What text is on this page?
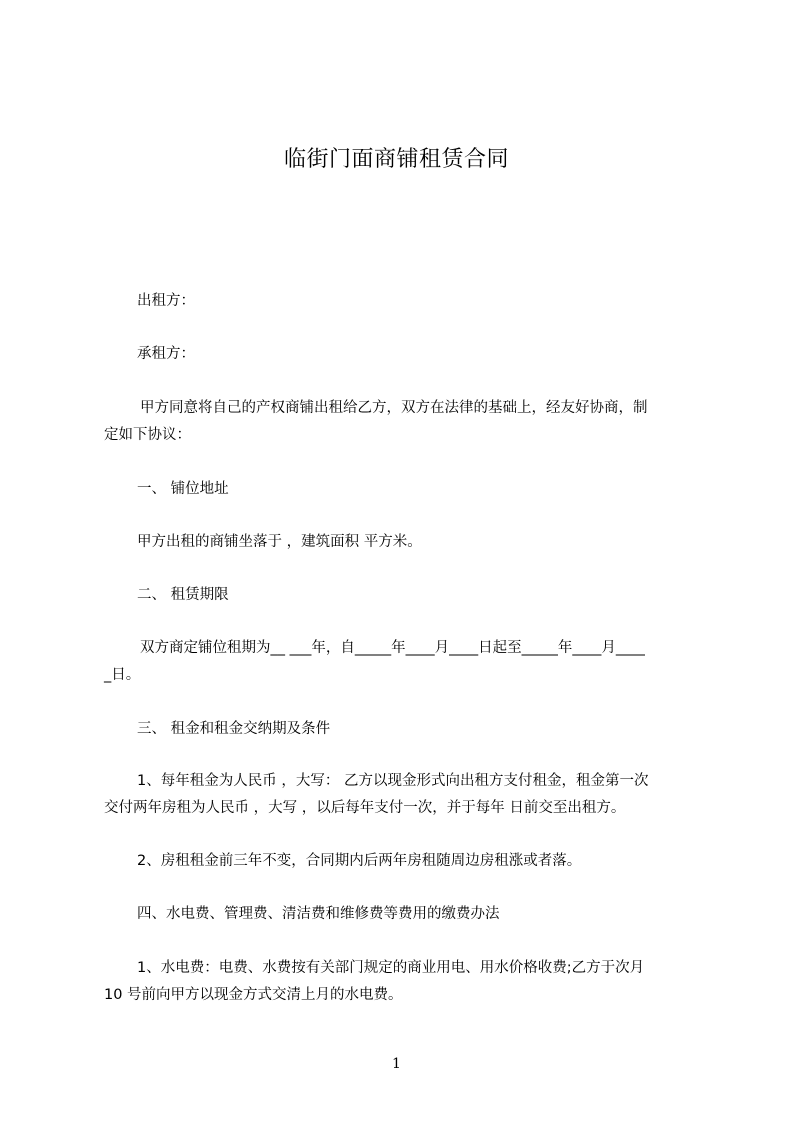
临街门面商铺租赁合同

出租方：

承租方：

甲方同意将自己的产权商铺出租给乙方，双方在法律的基础上，经友好协商，制

定如下协议：

一、 铺位地址

甲方出租的商铺坐落于 ，建筑面积 平方米。

二、 租赁期限

双方商定铺位租期为__ ___年，自_____年____月____日起至_____年____月____

_日。

三、 租金和租金交纳期及条件

1、每年租金为人民币 ，大写： 乙方以现金形式向出租方支付租金，租金第一次

交付两年房租为人民币 ，大写 ，以后每年支付一次，并于每年 日前交至出租方。

2、房租租金前三年不变，合同期内后两年房租随周边房租涨或者落。

四、水电费、管理费、清洁费和维修费等费用的缴费办法

1、水电费：电费、水费按有关部门规定的商业用电、用水价格收费;乙方于次月

10 号前向甲方以现金方式交清上月的水电费。

1
